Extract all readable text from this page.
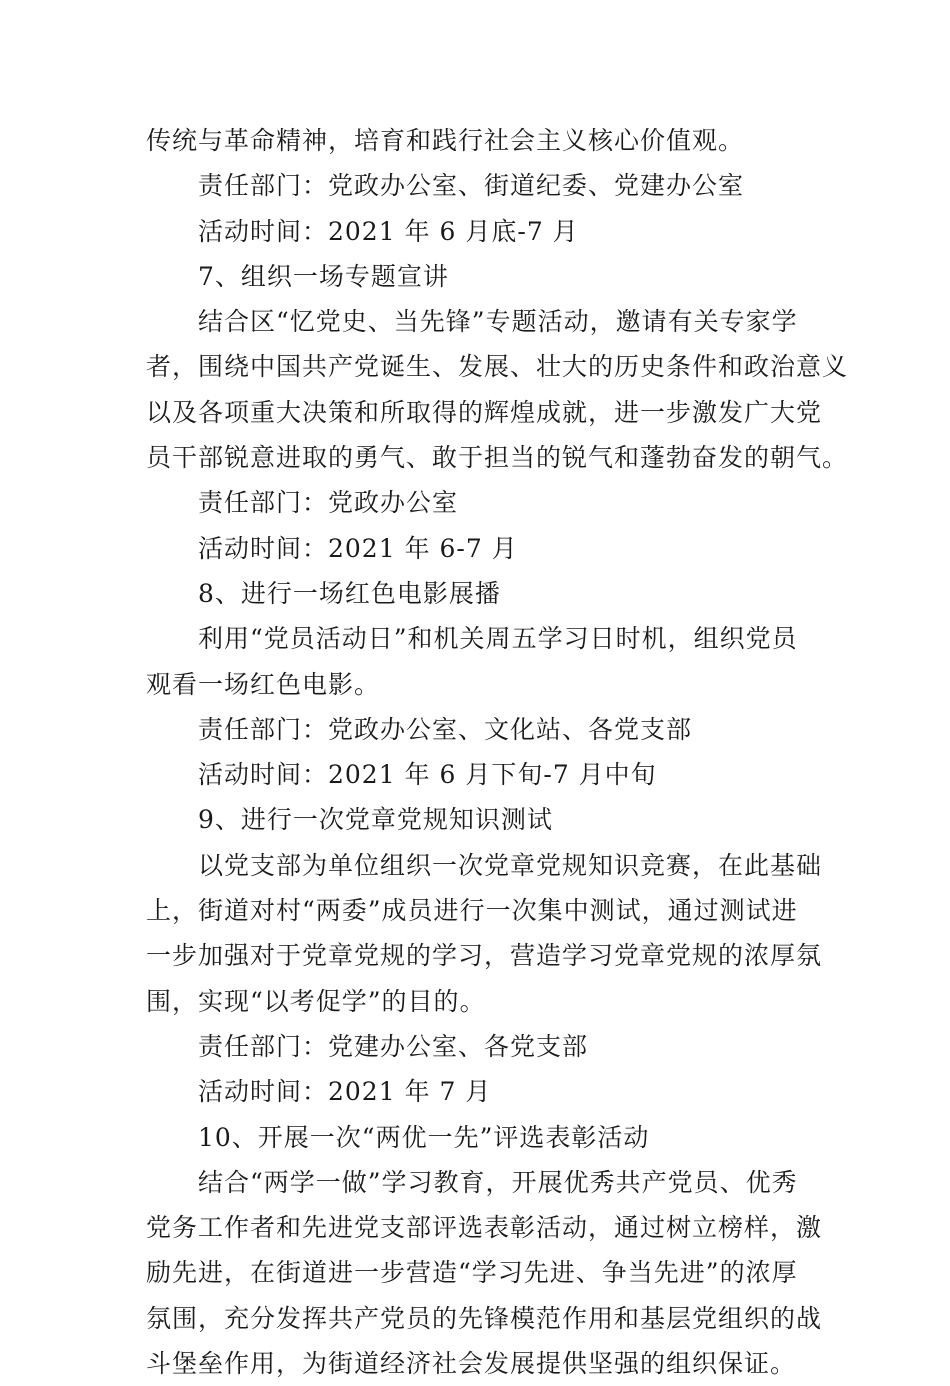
传统与革命精神，培育和践行社会主义核心价值观。
责任部门：党政办公室、街道纪委、党建办公室
活动时间：2021 年 6 月底-7 月
7、组织一场专题宣讲
结合区“忆党史、当先锋”专题活动，邀请有关专家学
者，围绕中国共产党诞生、发展、壮大的历史条件和政治意义
以及各项重大决策和所取得的辉煌成就，进一步激发广大党
员干部锐意进取的勇气、敢于担当的锐气和蓬勃奋发的朝气。
责任部门：党政办公室
活动时间：2021 年 6-7 月
8、进行一场红色电影展播
利用“党员活动日”和机关周五学习日时机，组织党员
观看一场红色电影。
责任部门：党政办公室、文化站、各党支部
活动时间：2021 年 6 月下旬-7 月中旬
9、进行一次党章党规知识测试
以党支部为单位组织一次党章党规知识竞赛，在此基础
上，街道对村“两委”成员进行一次集中测试，通过测试进
一步加强对于党章党规的学习，营造学习党章党规的浓厚氛
围，实现“以考促学”的目的。
责任部门：党建办公室、各党支部
活动时间：2021 年 7 月
10、开展一次“两优一先”评选表彰活动
结合“两学一做”学习教育，开展优秀共产党员、优秀
党务工作者和先进党支部评选表彰活动，通过树立榜样，激
励先进，在街道进一步营造“学习先进、争当先进”的浓厚
氛围，充分发挥共产党员的先锋模范作用和基层党组织的战
斗堡垒作用，为街道经济社会发展提供坚强的组织保证。
